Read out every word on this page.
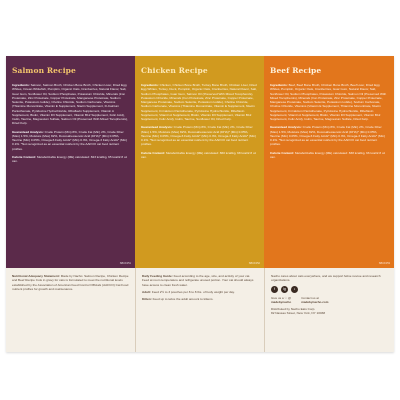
Salmon Recipe

Ingredients: Salmon, Salmon Broth, Chicken Bone Broth, Chicken Liver, Dried Egg Whites, Ocean Whitefish, Pumpkin, Organic Oats, Cranberries, Natural Flavor, Salt, Guar Gum, Sunflower Oil, Sodium Phosphates, Potassium Chloride, Minerals (Iron Proteinate, Zinc Proteinate, Copper Proteinate, Manganese Proteinate, Sodium Selenite, Potassium Iodide), Choline Chloride, Sodium Carbonate, Vitamins (Thiamine Mononitrate, Vitamin E Supplement, Niacin Supplement, D-Calcium Pantothenate, Pyridoxine Hydrochloride, Riboflavin Supplement, Vitamin A Supplement, Biotin, Vitamin D3 Supplement, Vitamin B12 Supplement, Folic Acid), Inulin, Taurine, Magnesium Sulfate, Salmon Oil (Preserved With Mixed Tocopherols), Dried Kelp.

Guaranteed Analysis: Crude Protein (Min) 8%, Crude Fat (Min) 2%, Crude Fiber (Max) 1.5%, Moisture (Max) 82%, Docosahexaenoic Acid (DHA)* (Min) 0.05%, Taurine (Min) 0.05%, Omega-6 Fatty Acids* (Min) 0.3%, Omega-3 Fatty Acids* (Min) 0.1%. *Not recognized as an essential nutrient by the AAFCO cat food nutrient profiles.

Calorie Content: Metabolizable Energy (ME) calculated: 823 kcal/kg, 65 kcal/2.8 oz can.

SBCF251
Chicken Recipe

Ingredients: Chicken, Chicken Bone Broth, Turkey Bone Broth, Chicken Liver, Dried Egg Whites, Turkey, Duck, Pumpkin, Organic Oats, Cranberries, Natural Flavor, Salt, Sodium Phosphates, Guar Gum, Salmon Oil (Preserved With Mixed Tocopherols), Potassium Chloride, Minerals (Iron Proteinate, Zinc Proteinate, Copper Proteinate, Manganese Proteinate, Sodium Selenite, Potassium Iodide), Choline Chloride, Sodium Carbonate, Vitamins (Thiamine Mononitrate, Vitamin E Supplement, Niacin Supplement, D-Calcium Pantothenate, Pyridoxine Hydrochloride, Riboflavin Supplement, Vitamin A Supplement, Biotin, Vitamin D3 Supplement, Vitamin B12 Supplement, Folic Acid), Inulin, Taurine, Sunflower Oil, Dried Kelp.

Guaranteed Analysis: Crude Protein (Min) 8%, Crude Fat (Min) 2%, Crude Fiber (Max) 1.5%, Moisture (Max) 82%, Docosahexaenoic Acid (DHA)* (Min) 0.05%, Taurine (Min) 0.05%, Omega-6 Fatty Acids* (Min) 0.3%, Omega-3 Fatty Acids* (Min) 0.1%. *Not recognized as an essential nutrient by the AAFCO cat food nutrient profiles.

Calorie Content: Metabolizable Energy (ME) calculated: 860 kcal/kg, 68 kcal/2.8 oz can.

SBCF252
Beef Recipe

Ingredients: Beef, Beef Bone Broth, Chicken Bone Broth, Beef Liver, Dried Egg Whites, Pumpkin, Organic Oats, Cranberries, Guar Gum, Natural Flavor, Salt, Sunflower Oil, Sodium Phosphates, Potassium Chloride, Salmon Oil (Preserved With Mixed Tocopherols), Minerals (Iron Proteinate, Zinc Proteinate, Copper Proteinate, Manganese Proteinate, Sodium Selenite, Potassium Iodide), Sodium Carbonate, Choline Chloride, Vitamins (Vitamin E Supplement, Thiamine Mononitrate, Niacin Supplement, D-Calcium Pantothenate, Pyridoxine Hydrochloride, Riboflavin Supplement, Vitamin A Supplement, Biotin, Vitamin D3 Supplement, Vitamin B12 Supplement, Folic Acid), Inulin, Taurine, Magnesium Sulfate, Dried Kelp.

Guaranteed Analysis: Crude Protein (Min) 8%, Crude Fat (Min) 2%, Crude Fiber (Max) 1.5%, Moisture (Max) 82%, Docosahexaenoic Acid (DHA)* (Min) 0.05%, Taurine (Min) 0.05%, Omega-6 Fatty Acids* (Min) 0.3%, Omega-3 Fatty Acids* (Min) 0.1%. *Not recognized as an essential nutrient by the AAFCO cat food nutrient profiles.

Calorie Content: Metabolizable Energy (ME) calculated: 838 kcal/kg, 66 kcal/2.8 oz can.

SBCF253

Nutritional Adequacy Statement: Made by Nacho: Salmon Recipe, Chicken Recipe and Beef Recipe Cuts in gravy for cats is formulated to meet the nutritional levels established by the Association of American Feed Control Officials (AAFCO) Cat Food nutrient profiles for growth and maintenance.

Daily Feeding Guide: Feed according to the age, size, and activity of your cat. Feed at room temperature and refrigerate unused portion. Your cat should always have access to clean fresh water.

Adult: Feed 2½ to 3 pouches per 8 to 8 lbs. of body weight per day.

Kitten: Feed up to twice the adult amount to kittens.

Nacho cares about cats everywhere, and we support feline rescue and research organizations.

f	ig	♪
Give us a ♡ @
madebynacho
Contact us at
madebynacho.com

Distributed by Nacho Eats Corp.
82 Nassau Street, New York, NY 10038
